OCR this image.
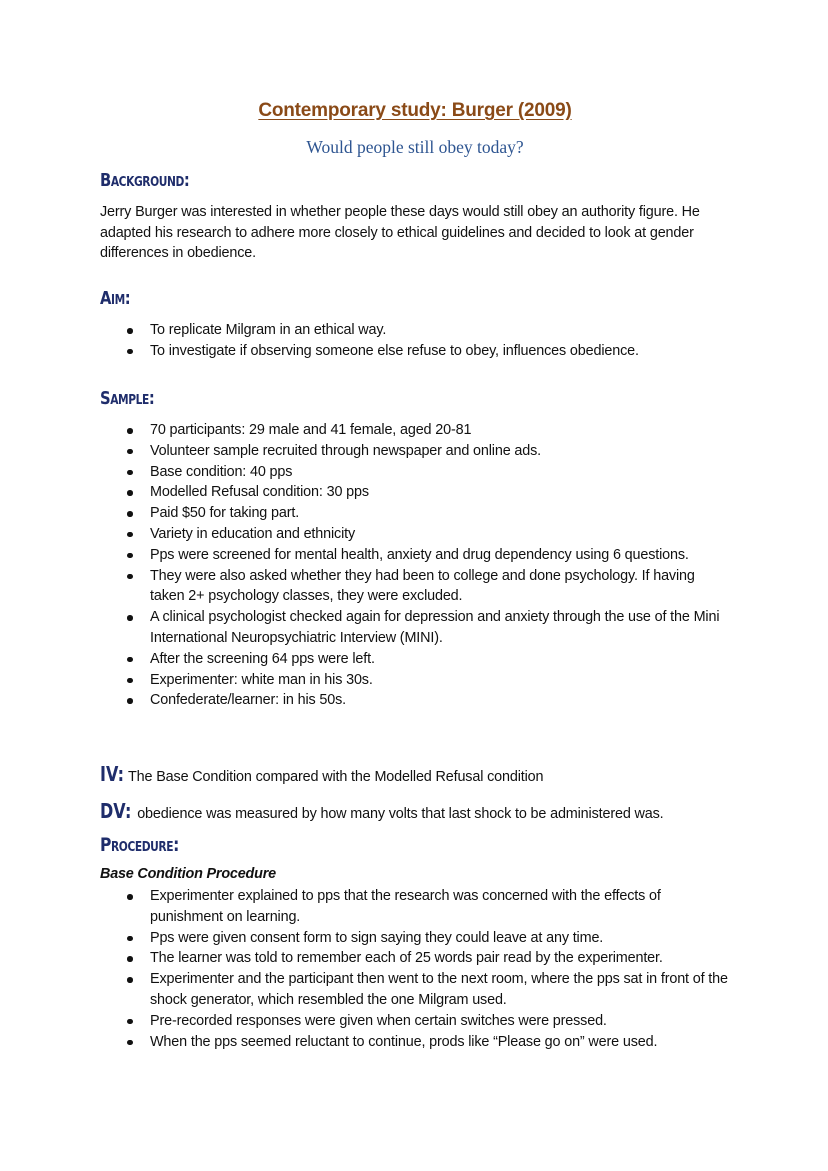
Contemporary study: Burger (2009)
Would people still obey today?
Background:
Jerry Burger was interested in whether people these days would still obey an authority figure. He adapted his research to adhere more closely to ethical guidelines and decided to look at gender differences in obedience.
Aim:
To replicate Milgram in an ethical way.
To investigate if observing someone else refuse to obey, influences obedience.
Sample:
70 participants: 29 male and 41 female, aged 20-81
Volunteer sample recruited through newspaper and online ads.
Base condition: 40 pps
Modelled Refusal condition: 30 pps
Paid $50 for taking part.
Variety in education and ethnicity
Pps were screened for mental health, anxiety and drug dependency using 6 questions.
They were also asked whether they had been to college and done psychology. If having taken 2+ psychology classes, they were excluded.
A clinical psychologist checked again for depression and anxiety through the use of the Mini International Neuropsychiatric Interview (MINI).
After the screening 64 pps were left.
Experimenter: white man in his 30s.
Confederate/learner: in his 50s.
IV: The Base Condition compared with the Modelled Refusal condition
DV: obedience was measured by how many volts that last shock to be administered was.
Procedure:
Base Condition Procedure
Experimenter explained to pps that the research was concerned with the effects of punishment on learning.
Pps were given consent form to sign saying they could leave at any time.
The learner was told to remember each of 25 words pair read by the experimenter.
Experimenter and the participant then went to the next room, where the pps sat in front of the shock generator, which resembled the one Milgram used.
Pre-recorded responses were given when certain switches were pressed.
When the pps seemed reluctant to continue, prods like “Please go on” were used.
